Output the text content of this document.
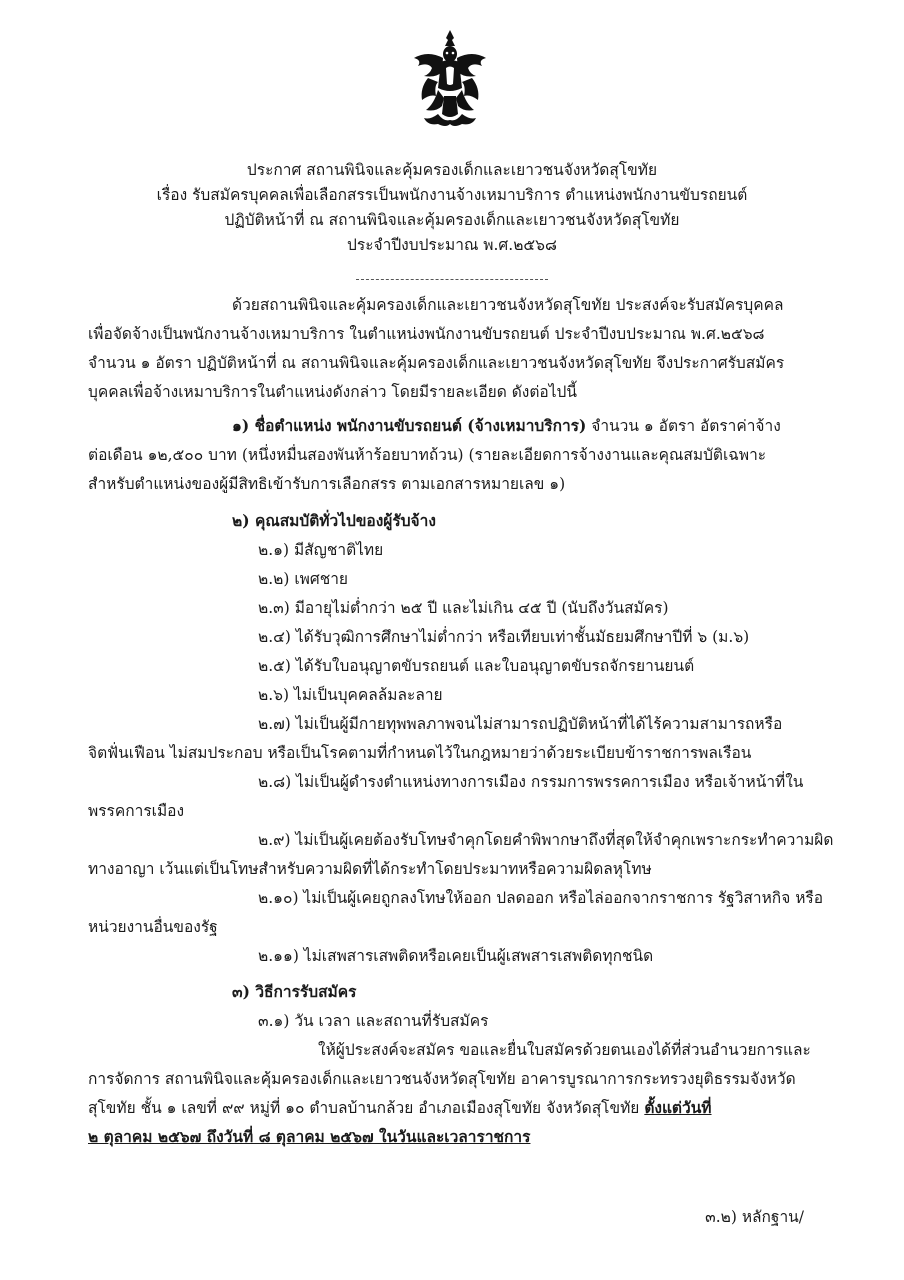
ประกาศ สถานพินิจและคุ้มครองเด็กและเยาวชนจังหวัดสุโขทัย
เรื่อง รับสมัครบุคคลเพื่อเลือกสรรเป็นพนักงานจ้างเหมาบริการ ตำแหน่งพนักงานขับรถยนต์
ปฏิบัติหน้าที่ ณ สถานพินิจและคุ้มครองเด็กและเยาวชนจังหวัดสุโขทัย
ประจำปีงบประมาณ พ.ศ.๒๕๖๘
ด้วยสถานพินิจและคุ้มครองเด็กและเยาวชนจังหวัดสุโขทัย ประสงค์จะรับสมัครบุคคล
เพื่อจัดจ้างเป็นพนักงานจ้างเหมาบริการ ในตำแหน่งพนักงานขับรถยนต์ ประจำปีงบประมาณ พ.ศ.๒๕๖๘
จำนวน ๑ อัตรา ปฏิบัติหน้าที่ ณ สถานพินิจและคุ้มครองเด็กและเยาวชนจังหวัดสุโขทัย จึงประกาศรับสมัคร
บุคคลเพื่อจ้างเหมาบริการในตำแหน่งดังกล่าว โดยมีรายละเอียด ดังต่อไปนี้
๑) ชื่อตำแหน่ง พนักงานขับรถยนต์ (จ้างเหมาบริการ) จำนวน ๑ อัตรา อัตราค่าจ้าง
ต่อเดือน ๑๒,๕๐๐ บาท (หนึ่งหมื่นสองพันห้าร้อยบาทถ้วน) (รายละเอียดการจ้างงานและคุณสมบัติเฉพาะ
สำหรับตำแหน่งของผู้มีสิทธิเข้ารับการเลือกสรร ตามเอกสารหมายเลข ๑)
๒) คุณสมบัติทั่วไปของผู้รับจ้าง
๒.๑) มีสัญชาติไทย
๒.๒) เพศชาย
๒.๓) มีอายุไม่ต่ำกว่า ๒๕ ปี และไม่เกิน ๔๕ ปี (นับถึงวันสมัคร)
๒.๔) ได้รับวุฒิการศึกษาไม่ต่ำกว่า หรือเทียบเท่าชั้นมัธยมศึกษาปีที่ ๖ (ม.๖)
๒.๕) ได้รับใบอนุญาตขับรถยนต์ และใบอนุญาตขับรถจักรยานยนต์
๒.๖) ไม่เป็นบุคคลล้มละลาย
๒.๗) ไม่เป็นผู้มีกายทุพพลภาพจนไม่สามารถปฏิบัติหน้าที่ได้ไร้ความสามารถหรือ
จิตฟั่นเฟือน ไม่สมประกอบ หรือเป็นโรคตามที่กำหนดไว้ในกฎหมายว่าด้วยระเบียบข้าราชการพลเรือน
๒.๘) ไม่เป็นผู้ดำรงตำแหน่งทางการเมือง กรรมการพรรคการเมือง หรือเจ้าหน้าที่ใน
พรรคการเมือง
๒.๙) ไม่เป็นผู้เคยต้องรับโทษจำคุกโดยคำพิพากษาถึงที่สุดให้จำคุกเพราะกระทำความผิด
ทางอาญา เว้นแต่เป็นโทษสำหรับความผิดที่ได้กระทำโดยประมาทหรือความผิดลหุโทษ
๒.๑๐) ไม่เป็นผู้เคยถูกลงโทษให้ออก ปลดออก หรือไล่ออกจากราชการ รัฐวิสาหกิจ หรือ
หน่วยงานอื่นของรัฐ
๒.๑๑) ไม่เสพสารเสพติดหรือเคยเป็นผู้เสพสารเสพติดทุกชนิด
๓) วิธีการรับสมัคร
๓.๑) วัน เวลา และสถานที่รับสมัคร
ให้ผู้ประสงค์จะสมัคร ขอและยื่นใบสมัครด้วยตนเองได้ที่ส่วนอำนวยการและ
การจัดการ สถานพินิจและคุ้มครองเด็กและเยาวชนจังหวัดสุโขทัย อาคารบูรณาการกระทรวงยุติธรรมจังหวัด
สุโขทัย ชั้น ๑ เลขที่ ๙๙ หมู่ที่ ๑๐ ตำบลบ้านกล้วย อำเภอเมืองสุโขทัย จังหวัดสุโขทัย ตั้งแต่วันที่
๒ ตุลาคม ๒๕๖๗ ถึงวันที่ ๘ ตุลาคม ๒๕๖๗ ในวันและเวลาราชการ
๓.๒) หลักฐาน/
